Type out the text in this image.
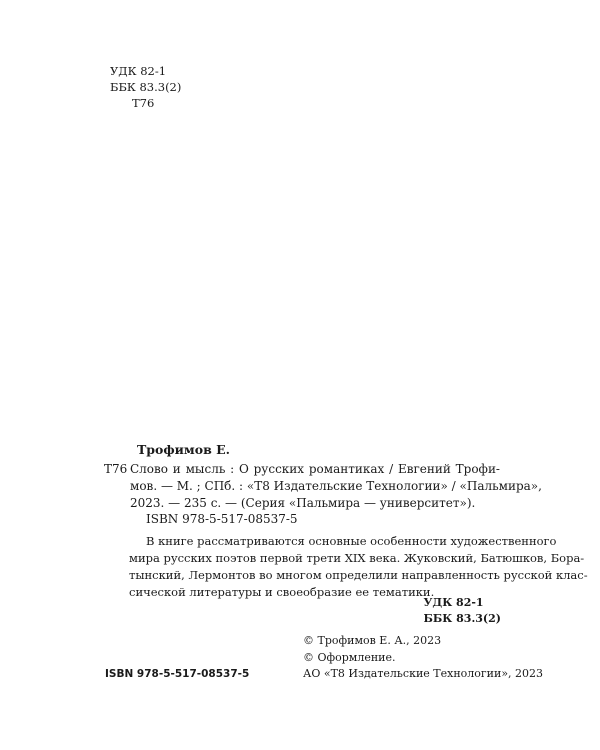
УДК 82-1
ББК 83.3(2)
Т76
Трофимов Е.
Т76 Слово и мысль : О русских романтиках / Евгений Трофи-
мов. — М. ; СПб. : «Т8 Издательские Технологии» / «Пальмира»,
2023. — 235 с. — (Серия «Пальмира — университет»).
ISBN 978-5-517-08537-5
В книге рассматриваются основные особенности художественного
мира русских поэтов первой трети XIX века. Жуковский, Батюшков, Бора-
тынский, Лермонтов во многом определили направленность русской клас-
сической литературы и своеобразие ее тематики.
УДК 82-1
ББК 83.3(2)
© Трофимов Е. А., 2023
© Оформление.
АО «Т8 Издательские Технологии», 2023
ISBN 978-5-517-08537-5
